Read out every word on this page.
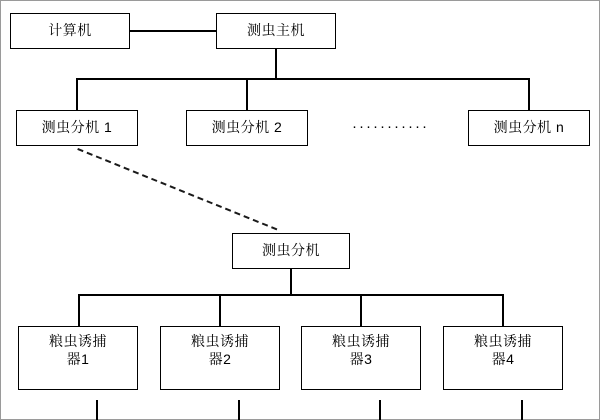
计算机	测虫主机
测虫分机 1	测虫分机 2	···········	测虫分机 n
测虫分机
粮虫诱捕
器1
粮虫诱捕
器2
粮虫诱捕
器3
粮虫诱捕
器4
